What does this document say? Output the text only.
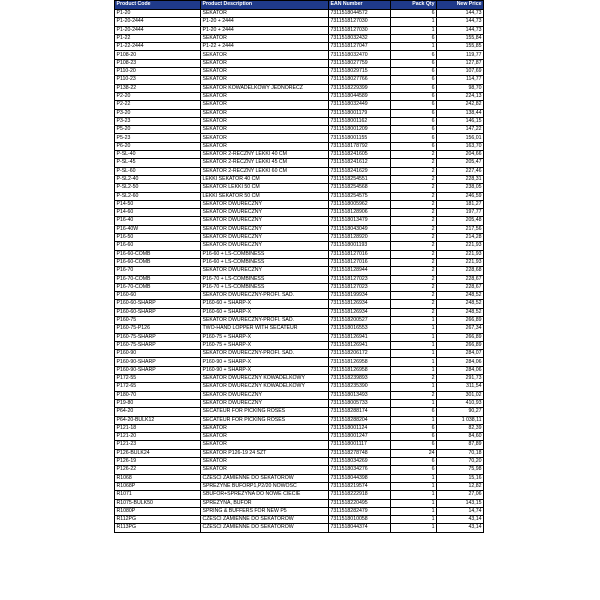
Product Code	Product Description	EAN Number	Pack Qty	New Price
P1-20	SEKATOR	7311518044572	6	144,73
P1-20-2444	P1-20 + 2444	7311518127030	1	144,73
P1-20-2444	P1-20 + 2444	7311518127030	1	144,73
P1-22	SEKATOR	7311518032432	6	155,84
P1-22-2444	P1-22 + 2444	7311518127047	1	155,85
P108-20	SEKATOR	7311518032470	6	119,77
P108-23	SEKATOR	7311518027759	6	127,87
P110-20	SEKATOR	7311518029715	6	107,69
P110-23	SEKATOR	7311518027766	6	114,77
P138-22	SEKATOR KOWADELKOWY JEDNORECZ	7311518229399	6	98,70
P2-20	SEKATOR	7311518044589	6	224,13
P2-22	SEKATOR	7311518032449	6	242,82
P3-20	SEKATOR	7311518001179	6	138,44
P3-23	SEKATOR	7311518001162	6	146,15
P5-20	SEKATOR	7311518001209	6	147,22
P5-23	SEKATOR	7311518001155	6	156,01
P6-20	SEKATOR	7311518178792	6	163,70
P-SL-40	SEKATOR 2-RECZNY LEKKI 40 CM	7311518241605	2	204,66
P-SL-45	SEKATOR 2-RECZNY LEKKI 45 CM	7311518241612	2	205,47
P-SL-60	SEKATOR 2-RECZNY LEKKI 60 CM	7311518241629	2	227,46
P-SL2-40	LEKKI SEKATOR 40 CM	7311518254551	2	228,31
P-SL2-50	SEKATOR LEKKI 50 CM	7311518254568	2	238,05
P-SL2-60	LEKKI SEKATOR 50 CM	7311518254575	2	246,59
P14-50	SEKATOR DWURECZNY	7311518005962	2	181,27
P14-60	SEKATOR DWURECZNY	7311518128906	2	197,77
P16-40	SEKATOR DWURECZNY	7311518013479	2	205,48
P16-40W	SEKATOR DWURECZNY	7311518043049	2	217,56
P16-50	SEKATOR DWURECZNY	7311518128920	2	214,28
P16-60	SEKATOR DWURECZNY	7311518001193	2	221,93
P16-60-COMB	P16-60 + LS-COMBINESS	7311518127016	2	221,93
P16-60-COMB	P16-60 + LS-COMBINESS	7311518127016	2	221,93
P16-70	SEKATOR DWURECZNY	7311518128944	2	228,68
P16-70-COMB	P16-70 + LS-COMBINESS	7311518127023	2	228,67
P16-70-COMB	P16-70 + LS-COMBINESS	7311518127023	2	228,67
P160-60	SEKATOR DWURECZNY-PROFI. SAD.	7311518199934	2	248,52
P160-60-SHARP	P160-60 + SHARP-X	7311518126934	2	248,52
P160-60-SHARP	P160-60 + SHARP-X	7311518126934	2	248,52
P160-75	SEKATOR DWURECZNY-PROFI. SAD.	7311518200527	1	266,89
P160-75-P126	TWO-HAND LOPPER WITH SECATEUR	7311518016553	1	267,34
P160-75-SHARP	P160-75 + SHARP-X	7311518126941	1	266,89
P160-75-SHARP	P160-75 + SHARP-X	7311518126941	1	266,89
P160-90	SEKATOR DWURECZNY-PROFI. SAD.	7311518206172	1	284,07
P160-90-SHARP	P160-90 + SHARP-X	7311518126958	1	284,06
P160-90-SHARP	P160-90 + SHARP-X	7311518126958	1	284,06
P172-55	SEKATOR DWURECZNY KOWADELKOWY	7311518239893	2	291,73
P172-65	SEKATOR DWURECZNY KOWADELKOWY	7311518235390	1	311,54
P180-70	SEKATOR DWURECZNY	7311518013493	2	301,02
P19-80	SEKATOR DWURECZNY	7311518005733	1	410,93
P64-20	SECATEUR FOR PICKING ROSES	7311518288174	6	90,27
P64-20-BULK12	SECATEUR FOR PICKING ROSES	7311518288204	1	1 038,11
P121-18	SEKATOR	7311518001124	6	82,39
P121-20	SEKATOR	7311518001247	6	84,60
P121-23	SEKATOR	7311518001117	6	87,89
P126-BULK24	SEKATOR P126-19 24 SZT	7311518278748	24	70,18
P126-19	SEKATOR	7311518034269	6	70,20
P126-22	SEKATOR	7311518034276	6	75,98
R1068	CZESCI ZAMIENNE DO SEKATOROW	7311518044398	1	15,16
R1068P	SPREZYNE BUFORP1,P2/20 NOWOSC	7311518219574	1	12,82
R1071	SBUFOR+SPREZYNA DO NOWE CIECIE	7311518222918	1	27,06
R1075-BULK50	SPREZYNA, BUFOR	7311518220495	1	143,15
R1080P	SPRING & BUFFERS FOR NEW P5	7311518282479	1	14,74
R112PG	CZESCI ZAMIENNE DO SEKATOROW	7311518010058	1	43,14
R113PG	CZESCI ZAMIENNE DO SEKATOROW	7311518044374	1	43,14
